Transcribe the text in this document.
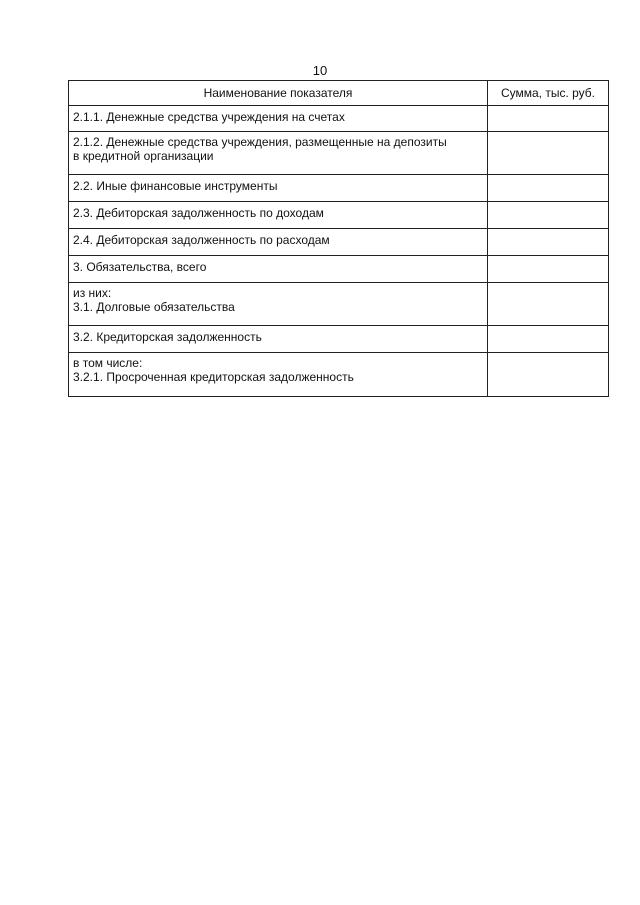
10
Наименование показателя	Сумма, тыс. руб.

2.1.1. Денежные средства учреждения на счетах	

2.1.2. Денежные средства учреждения, размещенные на депозиты
в кредитной организации	

2.2. Иные финансовые инструменты	

2.3. Дебиторская задолженность по доходам	

2.4. Дебиторская задолженность по расходам	

3. Обязательства, всего	

из них:
3.1. Долговые обязательства	

3.2. Кредиторская задолженность	

в том числе:
3.2.1. Просроченная кредиторская задолженность	
